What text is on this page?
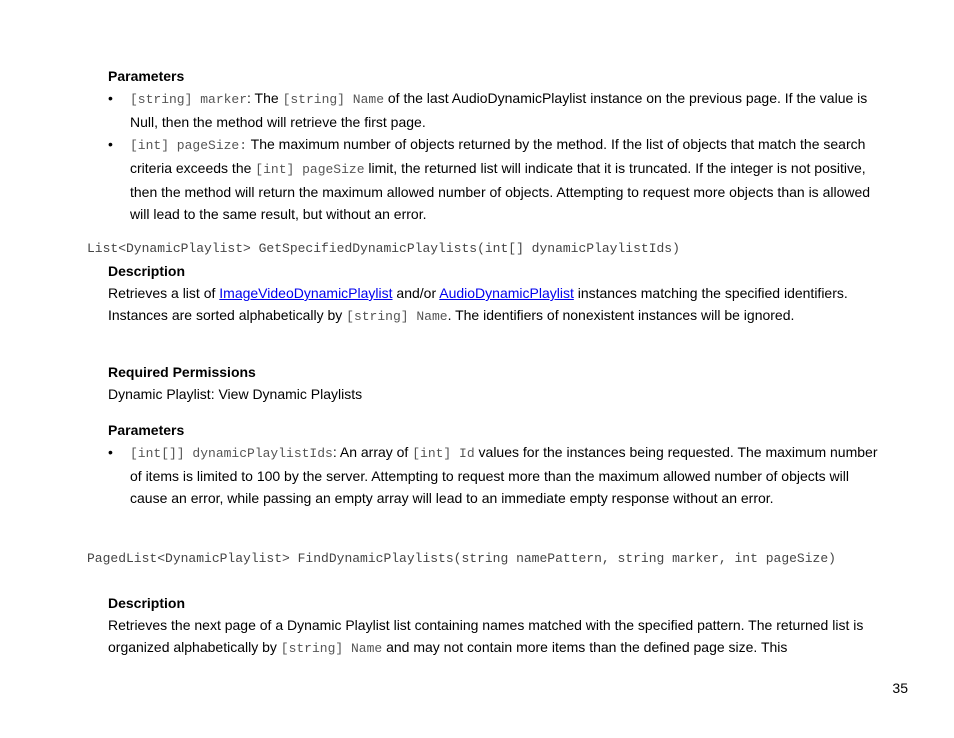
Parameters
• [string] marker: The [string] Name of the last AudioDynamicPlaylist instance on the previous page. If the value is Null, then the method will retrieve the first page.
• [int] pageSize: The maximum number of objects returned by the method. If the list of objects that match the search criteria exceeds the [int] pageSize limit, the returned list will indicate that it is truncated. If the integer is not positive, then the method will return the maximum allowed number of objects. Attempting to request more objects than is allowed will lead to the same result, but without an error.
List<DynamicPlaylist> GetSpecifiedDynamicPlaylists(int[] dynamicPlaylistIds)
Description
Retrieves a list of ImageVideoDynamicPlaylist and/or AudioDynamicPlaylist instances matching the specified identifiers. Instances are sorted alphabetically by [string] Name. The identifiers of nonexistent instances will be ignored.
Required Permissions
Dynamic Playlist: View Dynamic Playlists
Parameters
• [int[]] dynamicPlaylistIds: An array of [int] Id values for the instances being requested. The maximum number of items is limited to 100 by the server. Attempting to request more than the maximum allowed number of objects will cause an error, while passing an empty array will lead to an immediate empty response without an error.
PagedList<DynamicPlaylist> FindDynamicPlaylists(string namePattern, string marker, int pageSize)
Description
Retrieves the next page of a Dynamic Playlist list containing names matched with the specified pattern. The returned list is organized alphabetically by [string] Name and may not contain more items than the defined page size. This
35
